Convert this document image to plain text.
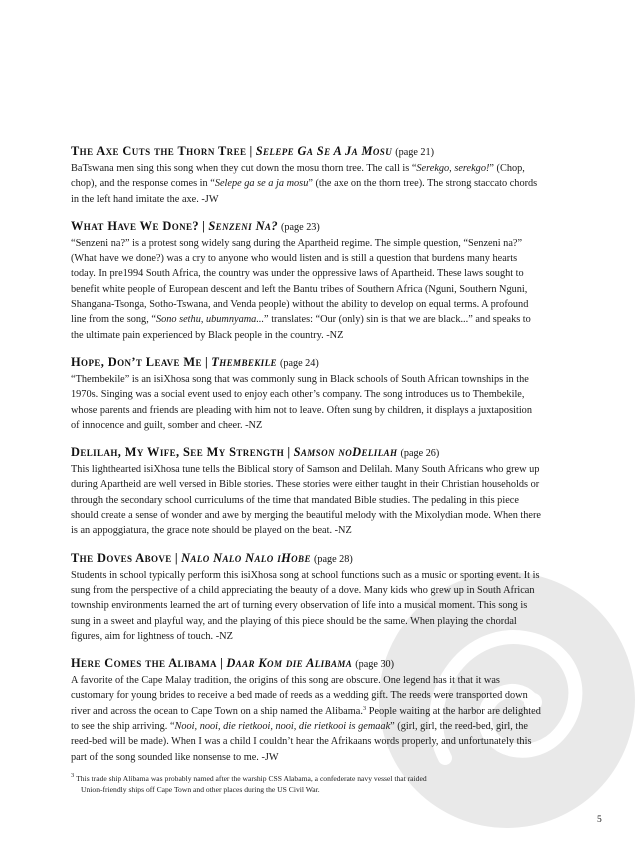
The Axe Cuts the Thorn Tree | Selepe Ga Se A Ja Mosu (page 21)

BaTswana men sing this song when they cut down the mosu thorn tree. The call is “Serekgo, serekgo!” (Chop, chop), and the response comes in “Selepe ga se a ja mosu” (the axe on the thorn tree). The strong staccato chords in the left hand imitate the axe. -JW

What Have We Done? | Senzeni Na? (page 23)

“Senzeni na?” is a protest song widely sang during the Apartheid regime. The simple question, “Senzeni na?” (What have we done?) was a cry to anyone who would listen and is still a question that burdens many hearts today. In pre1994 South Africa, the country was under the oppressive laws of Apartheid. These laws sought to benefit white people of European descent and left the Bantu tribes of Southern Africa (Nguni, Southern Nguni, Shangana-Tsonga, Sotho-Tswana, and Venda people) without the ability to develop on equal terms. A profound line from the song, “Sono sethu, ubumnyama...” translates: “Our (only) sin is that we are black...” and speaks to the ultimate pain experienced by Black people in the country. -NZ

Hope, Don’t Leave Me | Thembekile (page 24)

“Thembekile” is an isiXhosa song that was commonly sung in Black schools of South African townships in the 1970s. Singing was a social event used to enjoy each other’s company. The song introduces us to Thembekile, whose parents and friends are pleading with him not to leave. Often sung by children, it displays a juxtaposition of innocence and guilt, somber and cheer. -NZ

Delilah, My Wife, See My Strength | Samson noDelilah (page 26)

This lighthearted isiXhosa tune tells the Biblical story of Samson and Delilah. Many South Africans who grew up during Apartheid are well versed in Bible stories. These stories were either taught in their Christian households or through the secondary school curriculums of the time that mandated Bible studies. The pedaling in this piece should create a sense of wonder and awe by merging the beautiful melody with the Mixolydian mode. When there is an appoggiatura, the grace note should be played on the beat. -NZ

The Doves Above | Nalo Nalo Nalo iHobe (page 28)

Students in school typically perform this isiXhosa song at school functions such as a music or sporting event. It is sung from the perspective of a child appreciating the beauty of a dove. Many kids who grew up in South African township environments learned the art of turning every observation of life into a musical moment. This song is sung in a sweet and playful way, and the playing of this piece should be the same. When playing the chordal figures, aim for lightness of touch. -NZ

Here Comes the Alibama | Daar Kom die Alibama (page 30)

A favorite of the Cape Malay tradition, the origins of this song are obscure. One legend has it that it was customary for young brides to receive a bed made of reeds as a wedding gift. The reeds were transported down river and across the ocean to Cape Town on a ship named the Alibama.$^3$ People waiting at the harbor are delighted to see the ship arriving. “Nooi, nooi, die rietkooi, nooi, die rietkooi is gemaak” (girl, girl, the reed-bed, girl, the reed-bed will be made). When I was a child I couldn’t hear the Afrikaans words properly, and unfortunately this part of the song sounded like nonsense to me. -JW

$^3$ This trade ship Alibama was probably named after the warship CSS Alabama, a confederate navy vessel that raided
Union-friendly ships off Cape Town and other places during the US Civil War.
5
